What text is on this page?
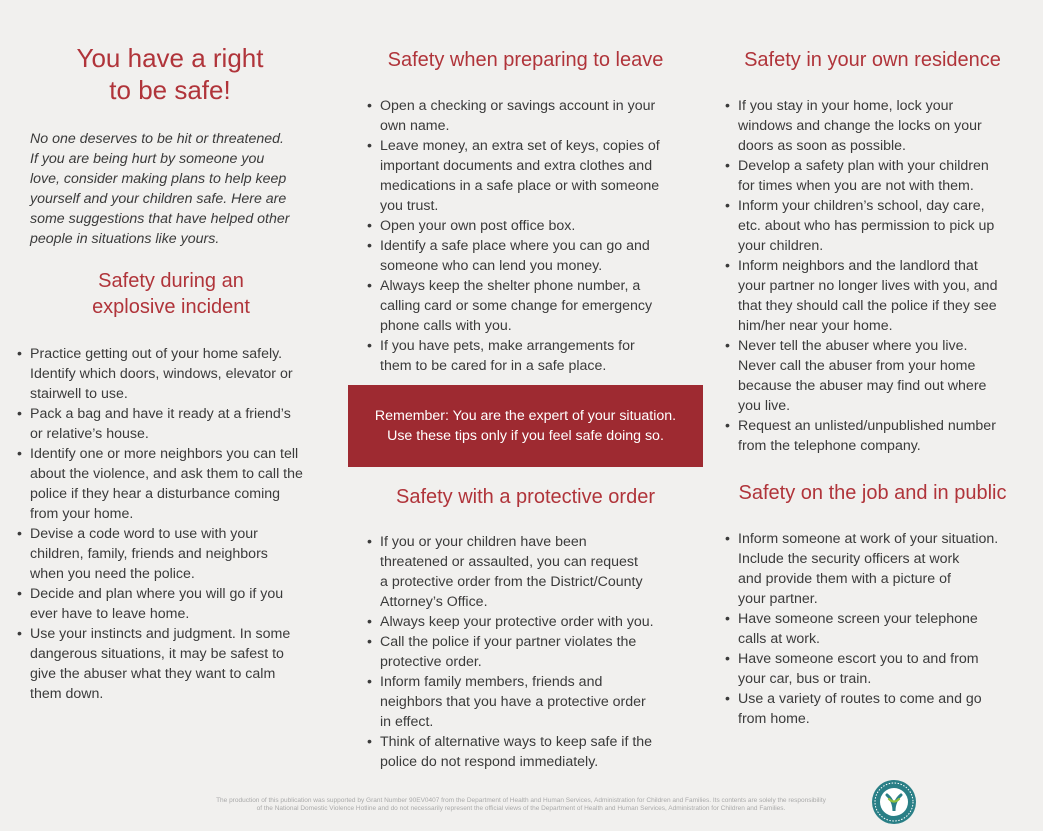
You have a right
to be safe!

No one deserves to be hit or threatened.
If you are being hurt by someone you
love, consider making plans to help keep
yourself and your children safe. Here are
some suggestions that have helped other
people in situations like yours.

Safety during an
explosive incident
• Practice getting out of your home safely.
Identify which doors, windows, elevator or
stairwell to use.
• Pack a bag and have it ready at a friend’s
or relative’s house.
• Identify one or more neighbors you can tell
about the violence, and ask them to call the
police if they hear a disturbance coming
from your home.
• Devise a code word to use with your
children, family, friends and neighbors
when you need the police.
• Decide and plan where you will go if you
ever have to leave home.
• Use your instincts and judgment. In some
dangerous situations, it may be safest to
give the abuser what they want to calm
them down.
Safety when preparing to leave
• Open a checking or savings account in your
own name.
• Leave money, an extra set of keys, copies of
important documents and extra clothes and
medications in a safe place or with someone
you trust.
• Open your own post office box.
• Identify a safe place where you can go and
someone who can lend you money.
• Always keep the shelter phone number, a
calling card or some change for emergency
phone calls with you.
• If you have pets, make arrangements for
them to be cared for in a safe place.
Safety with a protective order
• If you or your children have been
threatened or assaulted, you can request
a protective order from the District/County
Attorney’s Office.
• Always keep your protective order with you.
• Call the police if your partner violates the
protective order.
• Inform family members, friends and
neighbors that you have a protective order
in effect.
• Think of alternative ways to keep safe if the
police do not respond immediately.

Remember: You are the expert of your situation.
Use these tips only if you feel safe doing so.

Safety in your own residence
• If you stay in your home, lock your
windows and change the locks on your
doors as soon as possible.
• Develop a safety plan with your children
for times when you are not with them.
• Inform your children’s school, day care,
etc. about who has permission to pick up
your children.
• Inform neighbors and the landlord that
your partner no longer lives with you, and
that they should call the police if they see
him/her near your home.
• Never tell the abuser where you live.
Never call the abuser from your home
because the abuser may find out where
you live.
• Request an unlisted/unpublished number
from the telephone company.
Safety on the job and in public
• Inform someone at work of your situation.
Include the security officers at work
and provide them with a picture of
your partner.
• Have someone screen your telephone
calls at work.
• Have someone escort you to and from
your car, bus or train.
• Use a variety of routes to come and go
from home.
The production of this publication was supported by Grant Number 90EV0407 from the Department of Health and Human Services, Administration for Children and Families. Its contents are solely the responsibility
of the National Domestic Violence Hotline and do not necessarily represent the official views of the Department of Health and Human Services, Administration for Children and Families.
